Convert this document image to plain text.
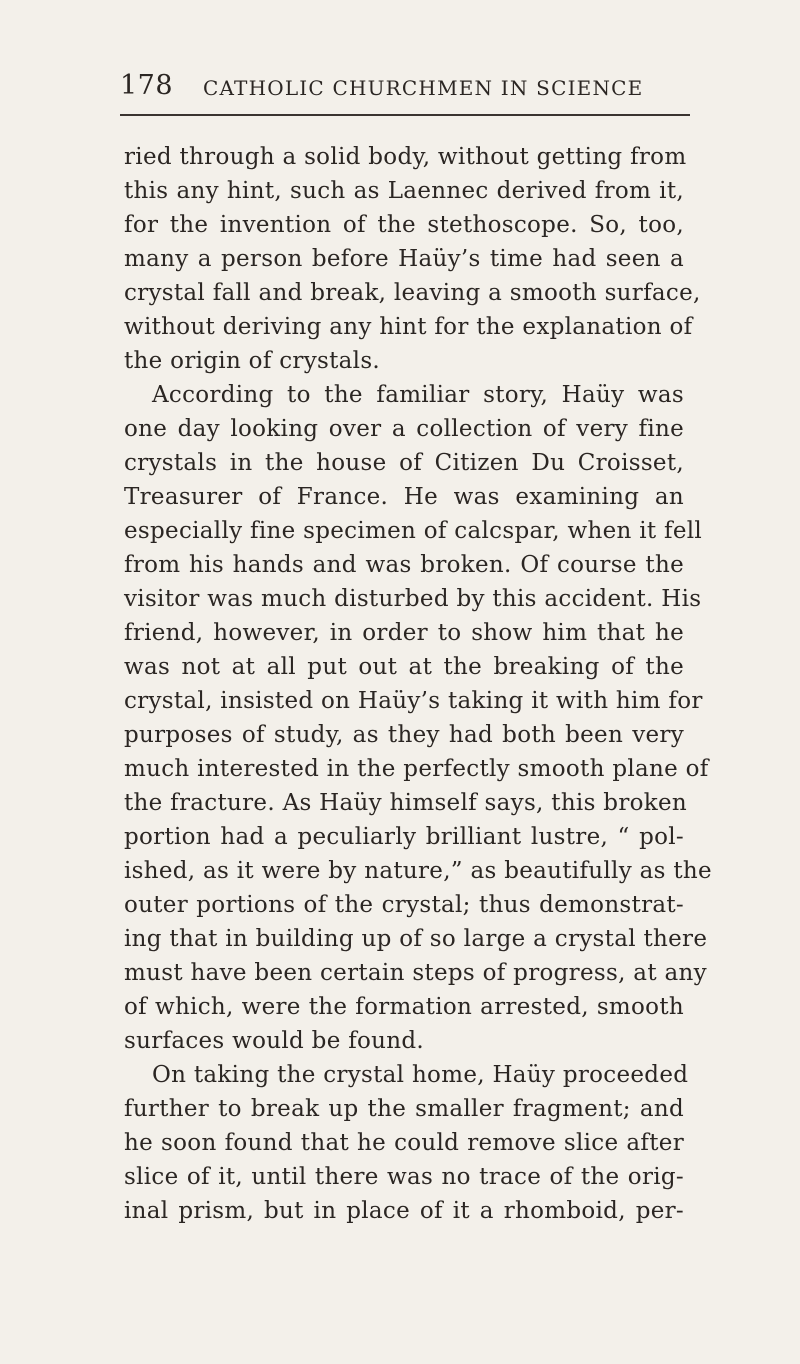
178 CATHOLIC CHURCHMEN IN SCIENCE
ried through a solid body, without getting from
this any hint, such as Laennec derived from it,
for the invention of the stethoscope. So, too,
many a person before Haüy’s time had seen a
crystal fall and break, leaving a smooth surface,
without deriving any hint for the explanation of
the origin of crystals.
According to the familiar story, Haüy was
one day looking over a collection of very fine
crystals in the house of Citizen Du Croisset,
Treasurer of France. He was examining an
especially fine specimen of calcspar, when it fell
from his hands and was broken. Of course the
visitor was much disturbed by this accident. His
friend, however, in order to show him that he
was not at all put out at the breaking of the
crystal, insisted on Haüy’s taking it with him for
purposes of study, as they had both been very
much interested in the perfectly smooth plane of
the fracture. As Haüy himself says, this broken
portion had a peculiarly brilliant lustre, “ pol-
ished, as it were by nature,” as beautifully as the
outer portions of the crystal; thus demonstrat-
ing that in building up of so large a crystal there
must have been certain steps of progress, at any
of which, were the formation arrested, smooth
surfaces would be found.
On taking the crystal home, Haüy proceeded
further to break up the smaller fragment; and
he soon found that he could remove slice after
slice of it, until there was no trace of the orig-
inal prism, but in place of it a rhomboid, per-
